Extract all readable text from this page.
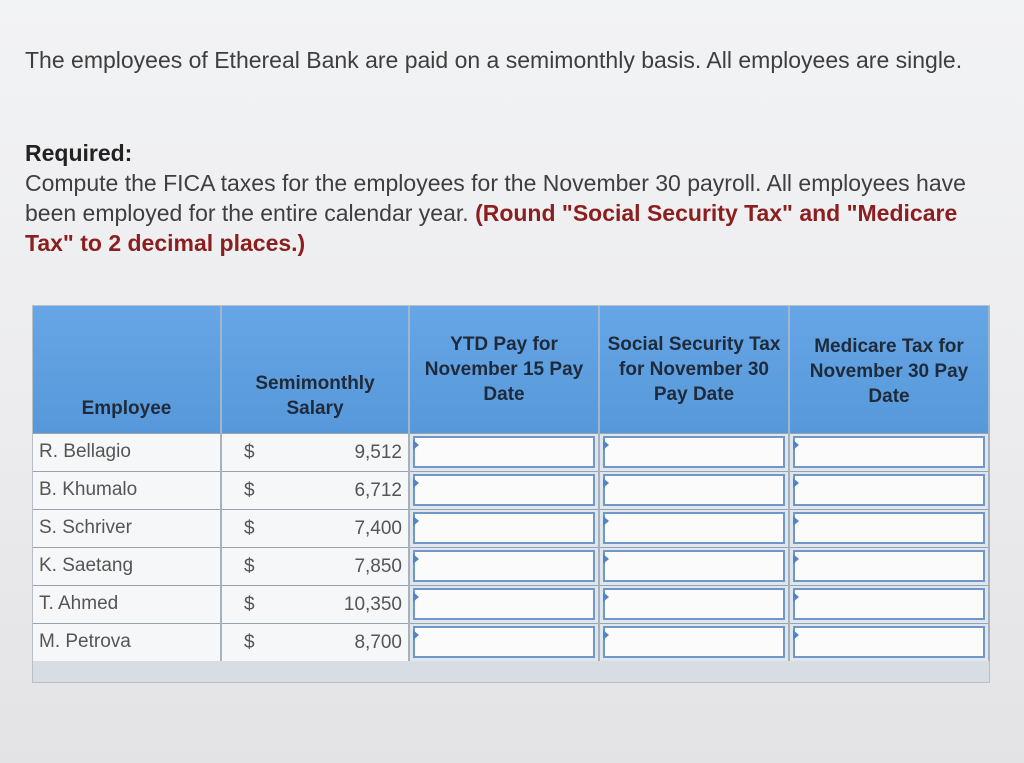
The employees of Ethereal Bank are paid on a semimonthly basis. All employees are single.
Required:
Compute the FICA taxes for the employees for the November 30 payroll. All employees have been employed for the entire calendar year. (Round "Social Security Tax" and "Medicare Tax" to 2 decimal places.)
Employee	Semimonthly Salary	YTD Pay for November 15 Pay Date	Social Security Tax for November 30 Pay Date	Medicare Tax for November 30 Pay Date
R. Bellagio	$ 9,512			

B. Khumalo	$ 6,712			

S. Schriver	$ 7,400			

K. Saetang	$ 7,850			

T. Ahmed	$ 10,350			

M. Petrova	$ 8,700			
